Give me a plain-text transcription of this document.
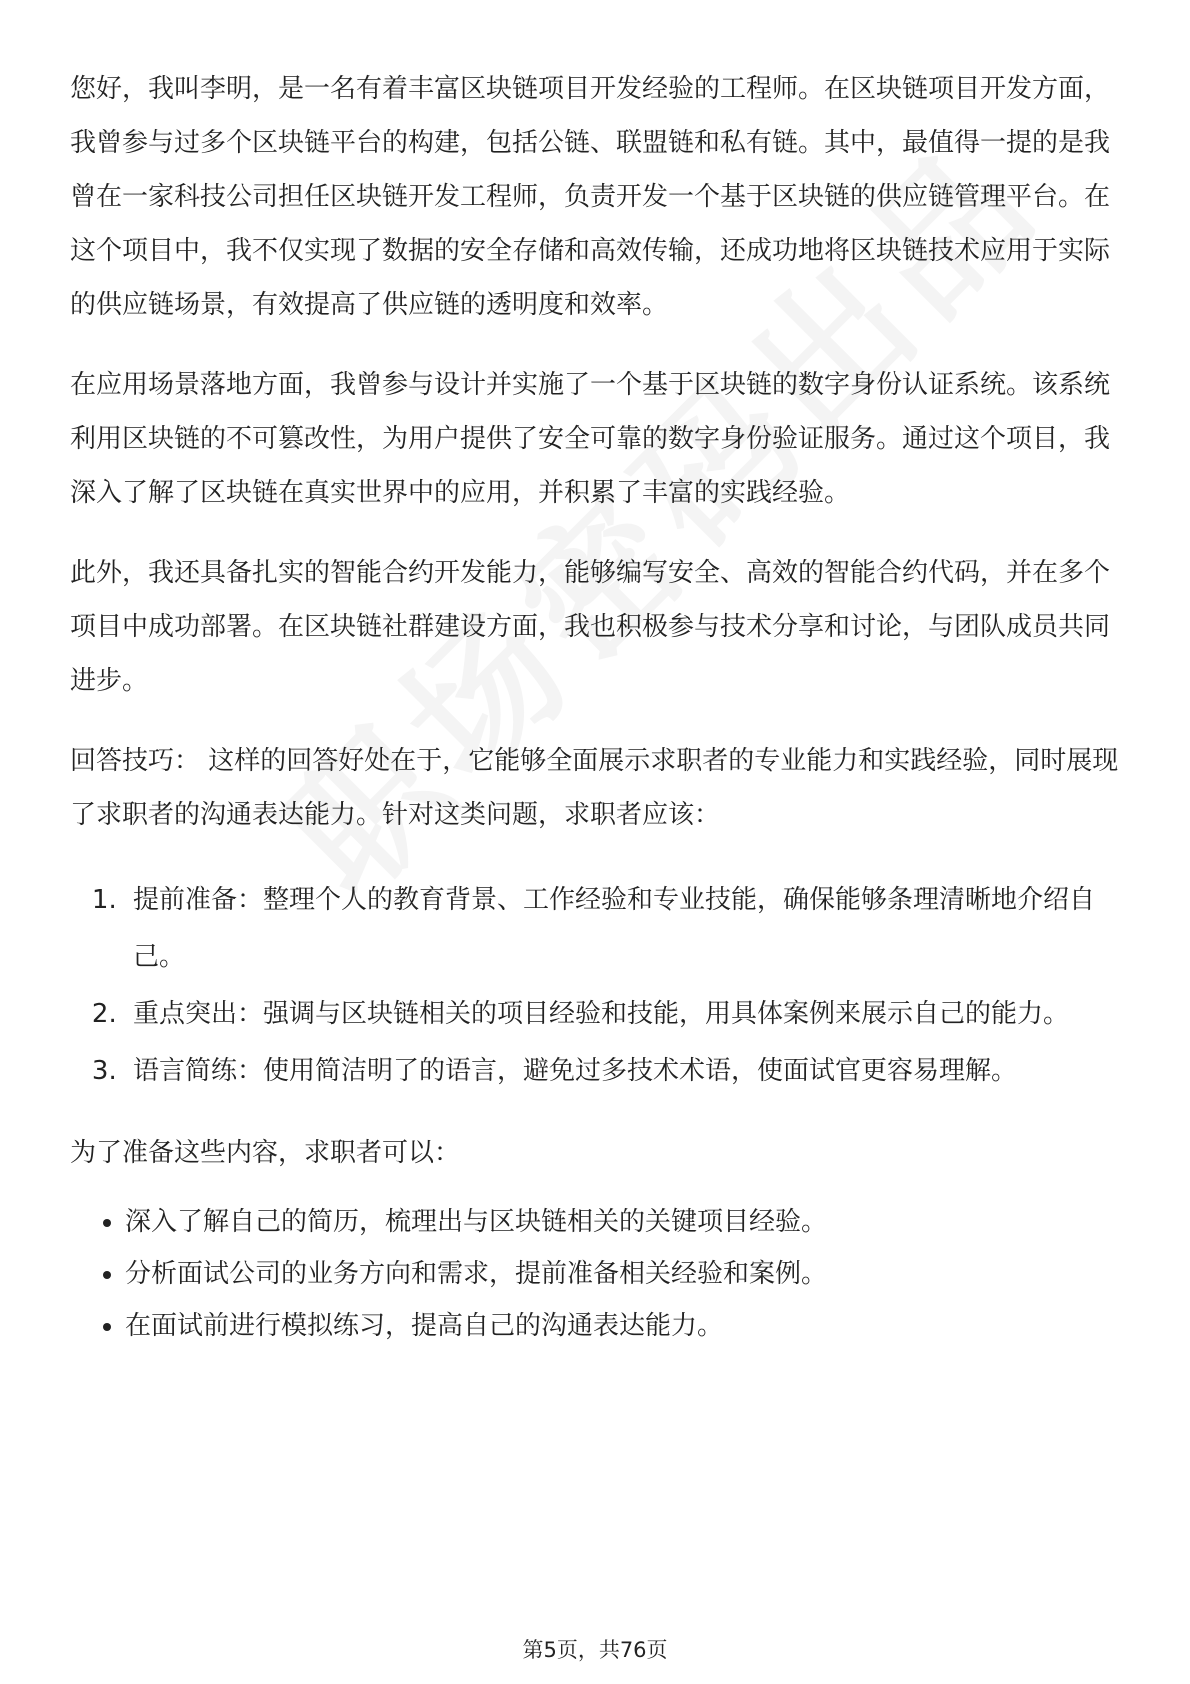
您好，我叫李明，是一名有着丰富区块链项目开发经验的工程师。在区块链项目开发方面，我曾参与过多个区块链平台的构建，包括公链、联盟链和私有链。其中，最值得一提的是我曾在一家科技公司担任区块链开发工程师，负责开发一个基于区块链的供应链管理平台。在这个项目中，我不仅实现了数据的安全存储和高效传输，还成功地将区块链技术应用于实际的供应链场景，有效提高了供应链的透明度和效率。

在应用场景落地方面，我曾参与设计并实施了一个基于区块链的数字身份认证系统。该系统利用区块链的不可篡改性，为用户提供了安全可靠的数字身份验证服务。通过这个项目，我深入了解了区块链在真实世界中的应用，并积累了丰富的实践经验。

此外，我还具备扎实的智能合约开发能力，能够编写安全、高效的智能合约代码，并在多个项目中成功部署。在区块链社群建设方面，我也积极参与技术分享和讨论，与团队成员共同进步。

回答技巧： 这样的回答好处在于，它能够全面展示求职者的专业能力和实践经验，同时展现了求职者的沟通表达能力。针对这类问题，求职者应该：

1. 提前准备：整理个人的教育背景、工作经验和专业技能，确保能够条理清晰地介绍自己。
2. 重点突出：强调与区块链相关的项目经验和技能，用具体案例来展示自己的能力。
3. 语言简练：使用简洁明了的语言，避免过多技术术语，使面试官更容易理解。

为了准备这些内容，求职者可以：

• 深入了解自己的简历，梳理出与区块链相关的关键项目经验。
• 分析面试公司的业务方向和需求，提前准备相关经验和案例。
• 在面试前进行模拟练习，提高自己的沟通表达能力。
第5页，共76页
